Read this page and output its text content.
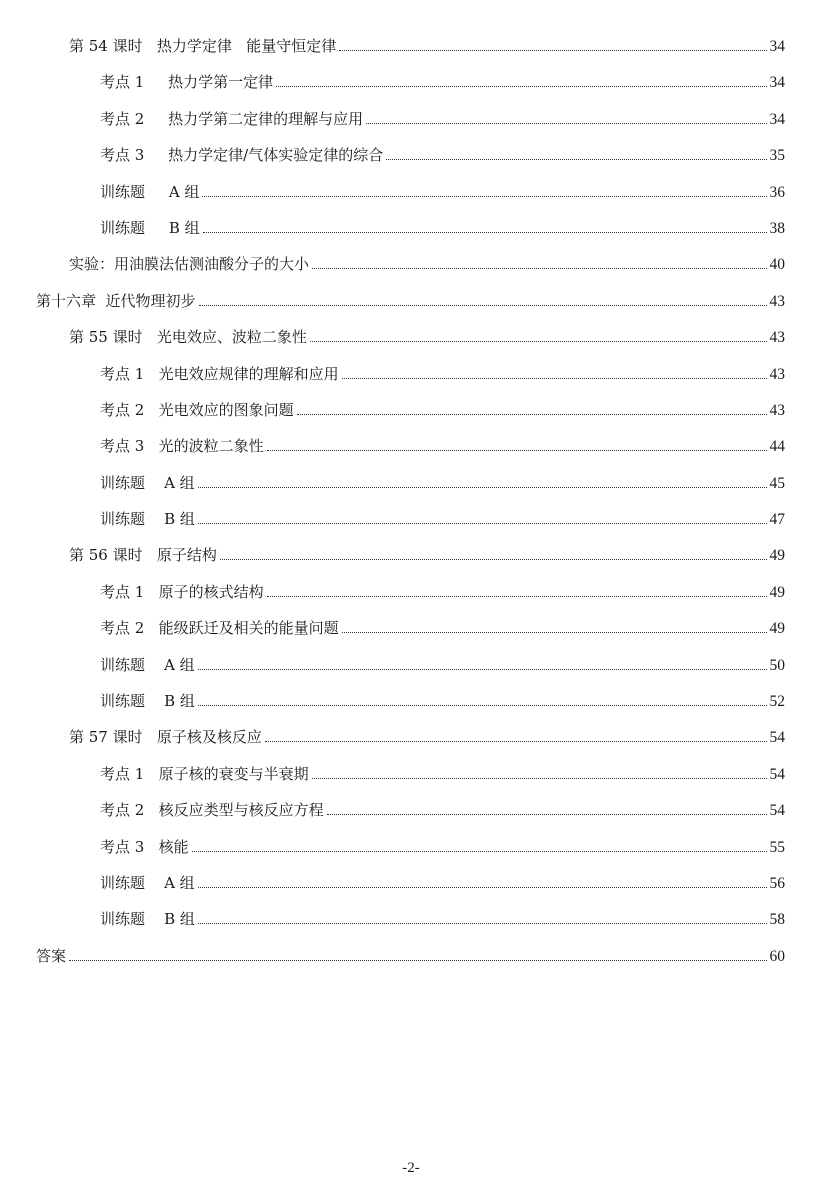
第 54 课时   热力学定律   能量守恒定律	34
考点 1     热力学第一定律	34
考点 2     热力学第二定律的理解与应用	34
考点 3     热力学定律/气体实验定律的综合	35
训练题     A 组	36
训练题     B 组	38
实验：用油膜法估测油酸分子的大小	40
第十六章  近代物理初步	43
第 55 课时   光电效应、波粒二象性	43
考点 1   光电效应规律的理解和应用	43
考点 2   光电效应的图象问题	43
考点 3   光的波粒二象性	44
训练题    A 组	45
训练题    B 组	47
第 56 课时   原子结构	49
考点 1   原子的核式结构	49
考点 2   能级跃迁及相关的能量问题	49
训练题    A 组	50
训练题    B 组	52
第 57 课时   原子核及核反应	54
考点 1   原子核的衰变与半衰期	54
考点 2   核反应类型与核反应方程	54
考点 3   核能	55
训练题    A 组	56
训练题    B 组	58
答案	60
-2-
